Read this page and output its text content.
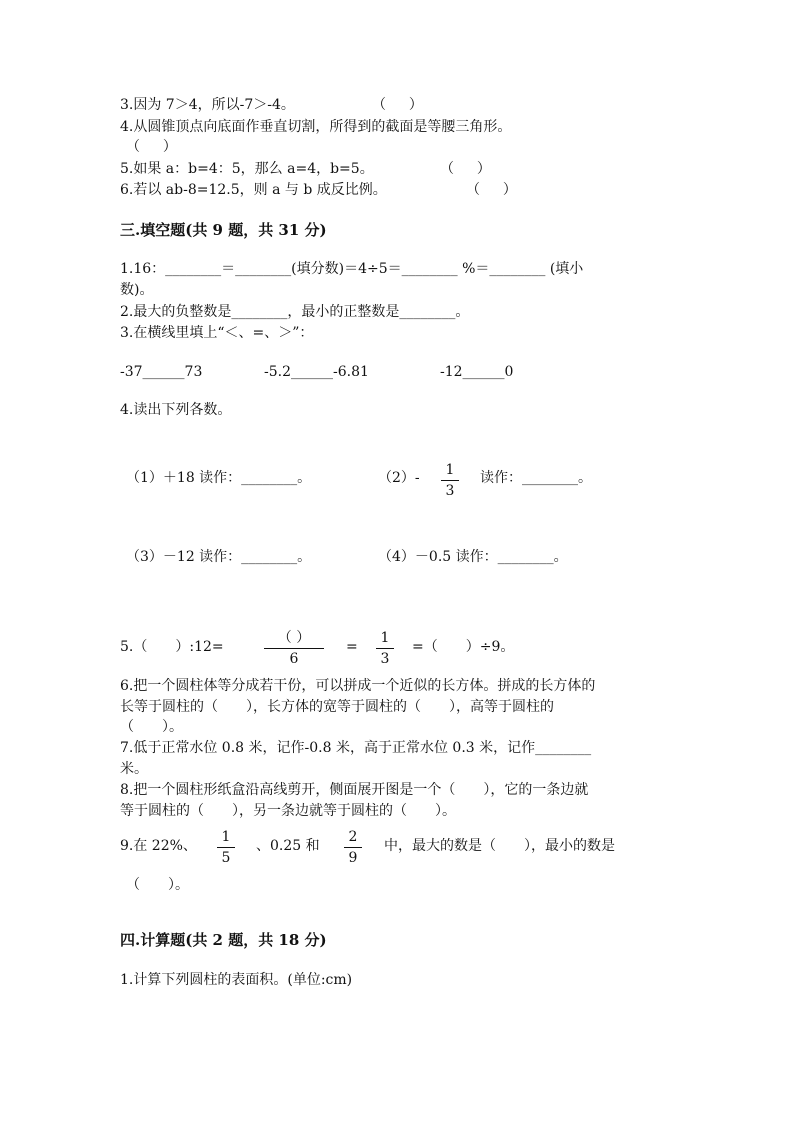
3.因为 7＞4，所以-7＞-4。	（ 　 ）
4.从圆锥顶点向底面作垂直切割，所得到的截面是等腰三角形。
（ 　 ）
5.如果 a：b=4：5，那么 a=4，b=5。	（ 　 ）
6.若以 ab-8=12.5，则 a 与 b 成反比例。	（ 　 ）
三.填空题(共 9 题，共 31 分)
1.16：________＝________(填分数)＝4÷5＝________ %＝________ (填小
数)。
2.最大的负整数是________，最小的正整数是________。
3.在横线里填上“＜、=、＞”：
-37______73	-5.2______-6.81	-12______0
4.读出下列各数。
（1）＋18 读作：________。	（2）-	1
3
读作：________。
（3）－12 读作：________。	（4）－0.5 读作：________。
5.（　　）:12=
（ ）
6
=
1
3
=（　　）÷9。
6.把一个圆柱体等分成若干份，可以拼成一个近似的长方体。拼成的长方体的
长等于圆柱的（　　），长方体的宽等于圆柱的（　　），高等于圆柱的
（　　）。
7.低于正常水位 0.8 米，记作-0.8 米，高于正常水位 0.3 米，记作________
米。
8.把一个圆柱形纸盒沿高线剪开，侧面展开图是一个（　　），它的一条边就
等于圆柱的（　　），另一条边就等于圆柱的（　　）。
9.在 22%、
1
5
、0.25 和
2
9
中，最大的数是（　　），最小的数是
（　　）。
四.计算题(共 2 题，共 18 分)
1.计算下列圆柱的表面积。(单位:cm)
